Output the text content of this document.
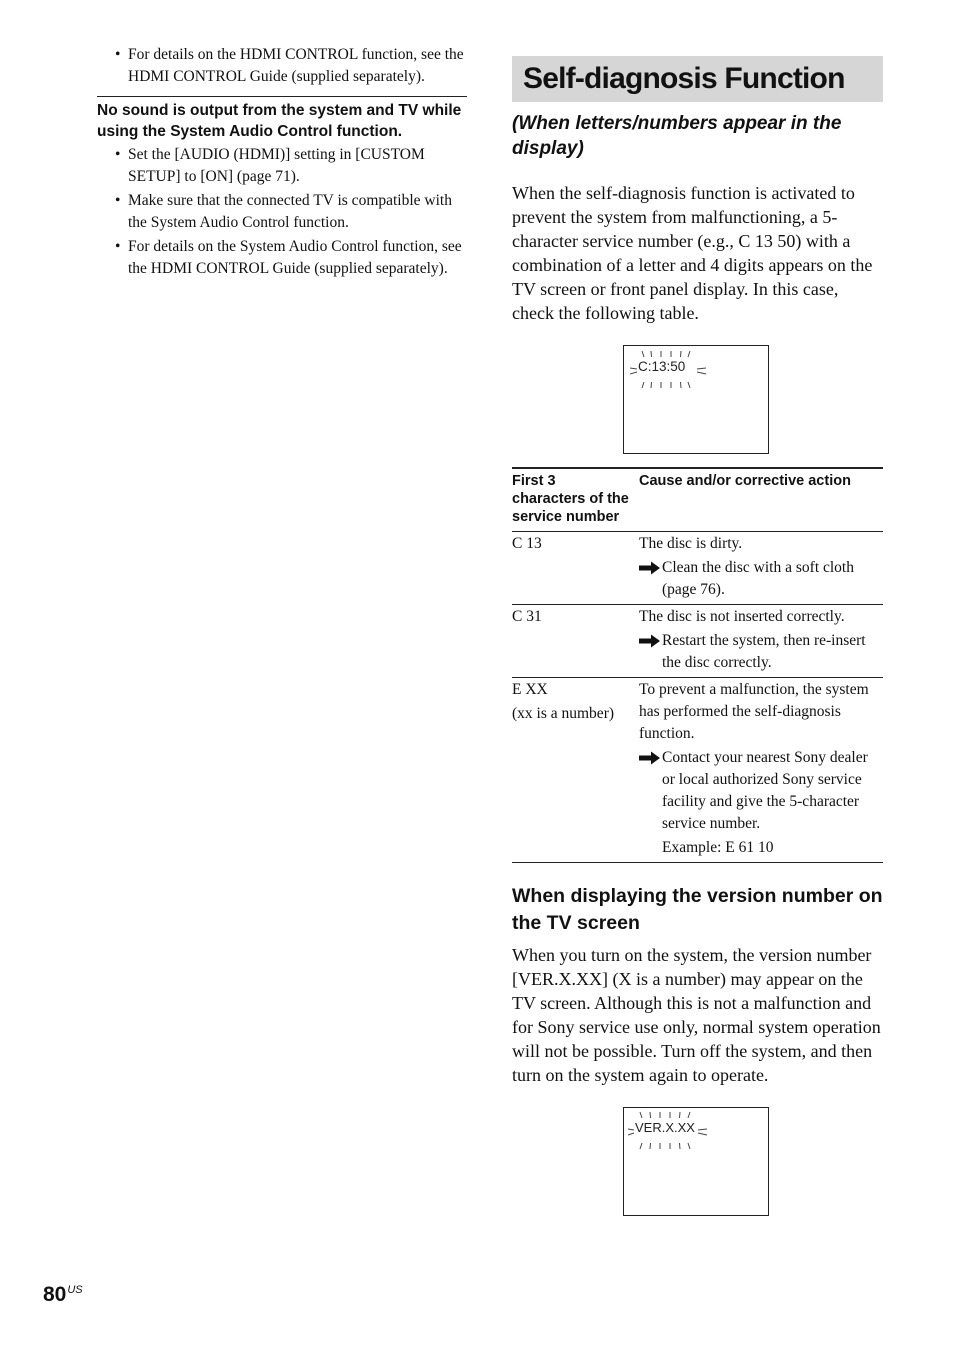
• For details on the HDMI CONTROL function, see the HDMI CONTROL Guide (supplied separately).
No sound is output from the system and TV while using the System Audio Control function.
• Set the [AUDIO (HDMI)] setting in [CUSTOM SETUP] to [ON] (page 71).
• Make sure that the connected TV is compatible with the System Audio Control function.
• For details on the System Audio Control function, see the HDMI CONTROL Guide (supplied separately).
Self-diagnosis Function
(When letters/numbers appear in the display)

When the self-diagnosis function is activated to prevent the system from malfunctioning, a 5-character service number (e.g., C 13 50) with a combination of a letter and 4 digits appears on the TV screen or front panel display. In this case, check the following table.

C:13:50
First 3 characters of the service number	Cause and/or corrective action

C 13	The disc is dirty.
Clean the disc with a soft cloth (page 76).

C 31	The disc is not inserted correctly.
Restart the system, then re-insert the disc correctly.

E XX
(xx is a number)	To prevent a malfunction, the system has performed the self-diagnosis function.
Contact your nearest Sony dealer or local authorized Sony service facility and give the 5-character service number.
Example: E 61 10
When displaying the version number on the TV screen

When you turn on the system, the version number [VER.X.XX] (X is a number) may appear on the TV screen. Although this is not a malfunction and for Sony service use only, normal system operation will not be possible. Turn off the system, and then turn on the system again to operate.

VER.X.XX
$80^{US}$
